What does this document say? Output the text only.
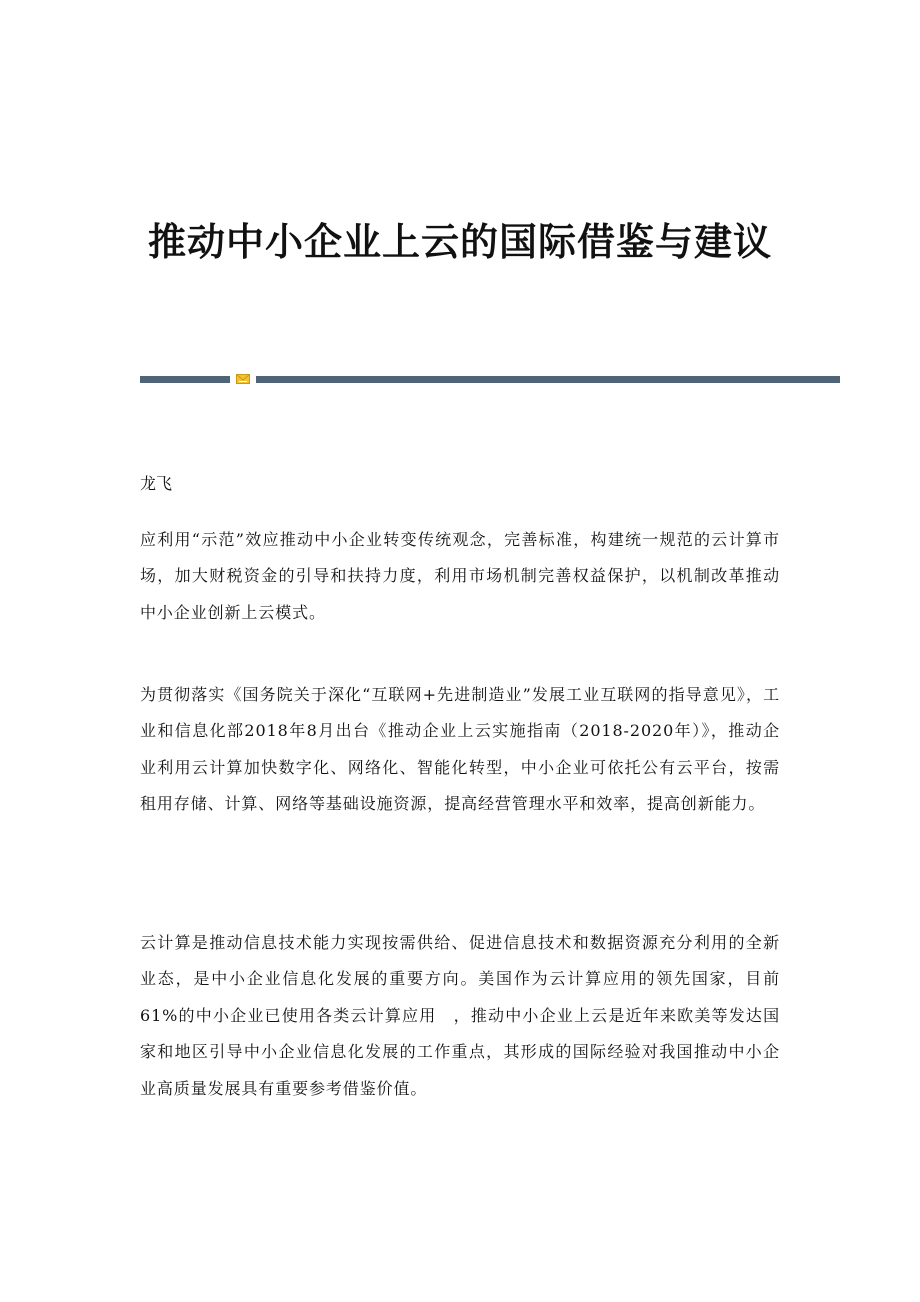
推动中小企业上云的国际借鉴与建议

龙飞

应利用“示范”效应推动中小企业转变传统观念，完善标准，构建统一规范的云计算市场，加大财税资金的引导和扶持力度，利用市场机制完善权益保护，以机制改革推动中小企业创新上云模式。

为贯彻落实《国务院关于深化“互联网+先进制造业”发展工业互联网的指导意见》，工业和信息化部2018年8月出台《推动企业上云实施指南（2018-2020年）》，推动企业利用云计算加快数字化、网络化、智能化转型，中小企业可依托公有云平台，按需租用存储、计算、网络等基础设施资源，提高经营管理水平和效率，提高创新能力。

云计算是推动信息技术能力实现按需供给、促进信息技术和数据资源充分利用的全新业态，是中小企业信息化发展的重要方向。美国作为云计算应用的领先国家，目前61%的中小企业已使用各类云计算应用　，推动中小企业上云是近年来欧美等发达国家和地区引导中小企业信息化发展的工作重点，其形成的国际经验对我国推动中小企业高质量发展具有重要参考借鉴价值。
